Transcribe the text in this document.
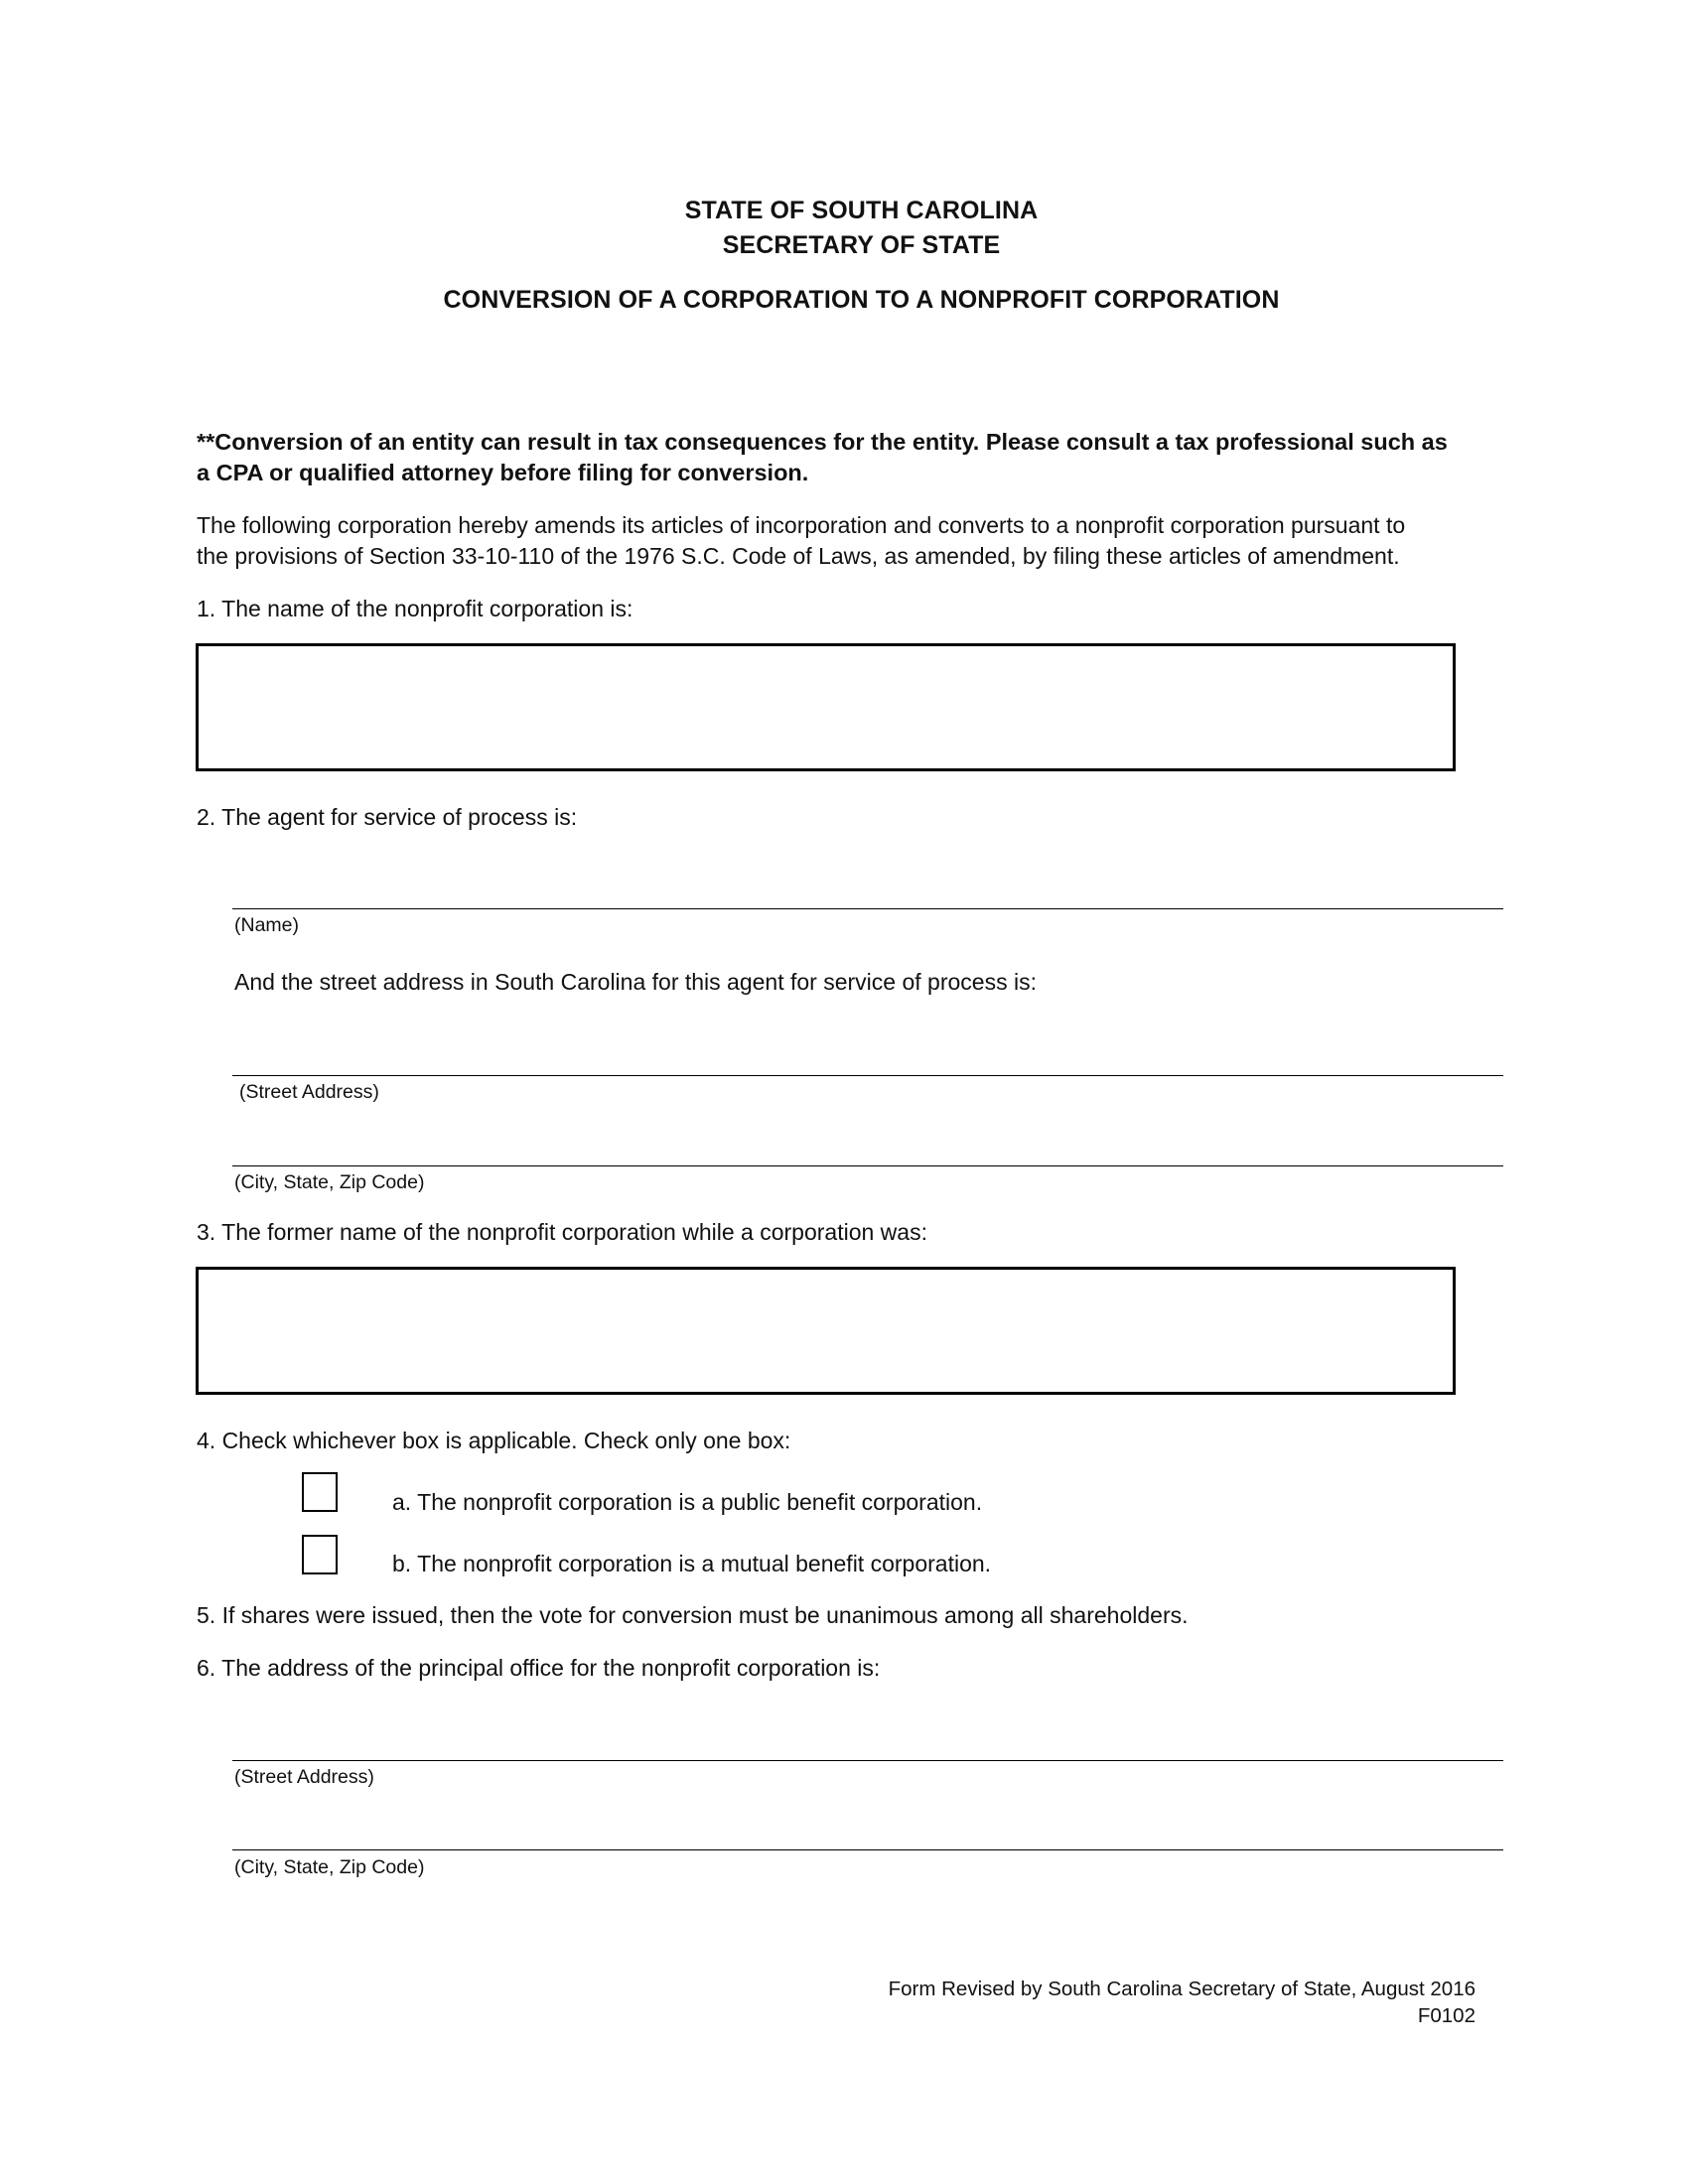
STATE OF SOUTH CAROLINA
SECRETARY OF STATE
CONVERSION OF A CORPORATION TO A NONPROFIT CORPORATION
**Conversion of an entity can result in tax consequences for the entity. Please consult a tax professional such as
a CPA or qualified attorney before filing for conversion.
The following corporation hereby amends its articles of incorporation and converts to a nonprofit corporation pursuant to
the provisions of Section 33-10-110 of the 1976 S.C. Code of Laws, as amended, by filing these articles of amendment.
1. The name of the nonprofit corporation is:
2. The agent for service of process is:
(Name)
And the street address in South Carolina for this agent for service of process is:
(Street Address)
(City, State, Zip Code)
3. The former name of the nonprofit corporation while a corporation was:
4. Check whichever box is applicable. Check only one box:
a. The nonprofit corporation is a public benefit corporation.
b. The nonprofit corporation is a mutual benefit corporation.
5. If shares were issued, then the vote for conversion must be unanimous among all shareholders.
6. The address of the principal office for the nonprofit corporation is:
(Street Address)
(City, State, Zip Code)
Form Revised by South Carolina Secretary of State, August 2016
F0102
